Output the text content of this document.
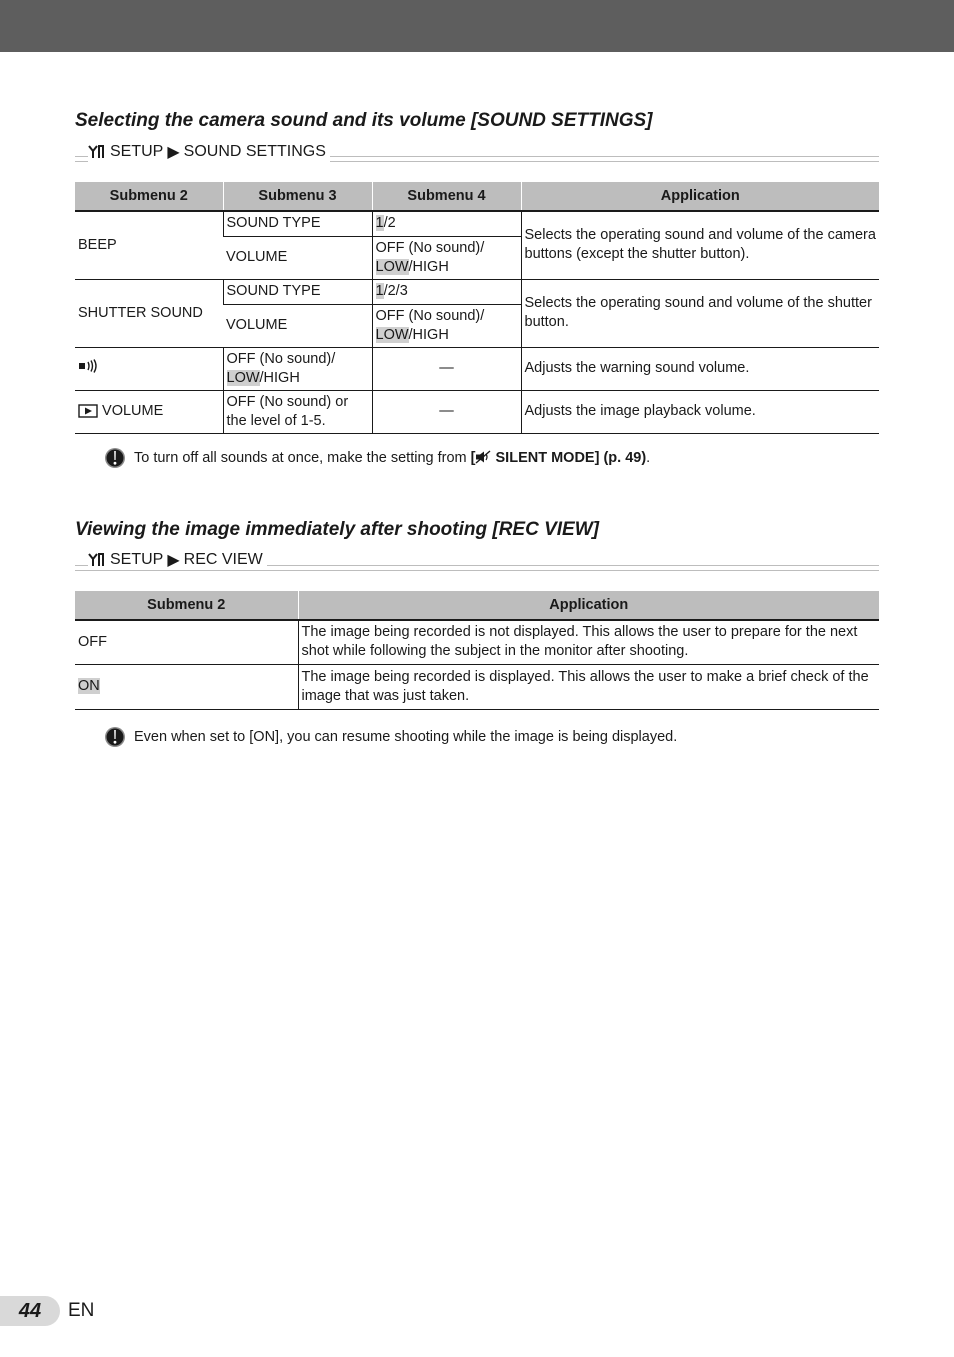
Selecting the camera sound and its volume [SOUND SETTINGS]
SETUP ▶ SOUND SETTINGS
Submenu 2	Submenu 3	Submenu 4	Application
BEEP	SOUND TYPE	1/2	Selects the operating sound and volume of the camera buttons (except the shutter button).
	VOLUME	OFF (No sound)/
LOW/HIGH	
SHUTTER SOUND	SOUND TYPE	1/2/3	Selects the operating sound and volume of the shutter button.
	VOLUME	OFF (No sound)/
LOW/HIGH	

	OFF (No sound)/
LOW/HIGH	—	Adjusts the warning sound volume.

VOLUME	OFF (No sound) or the level of 1-5.	—	Adjusts the image playback volume.
To turn off all sounds at once, make the setting from [
SILENT MODE] (p. 49).
Viewing the image immediately after shooting [REC VIEW]
SETUP ▶ REC VIEW
Submenu 2	Application
OFF	The image being recorded is not displayed. This allows the user to prepare for the next shot while following the subject in the monitor after shooting.
ON	The image being recorded is displayed. This allows the user to make a brief check of the image that was just taken.
Even when set to [ON], you can resume shooting while the image is being displayed.
44	EN
